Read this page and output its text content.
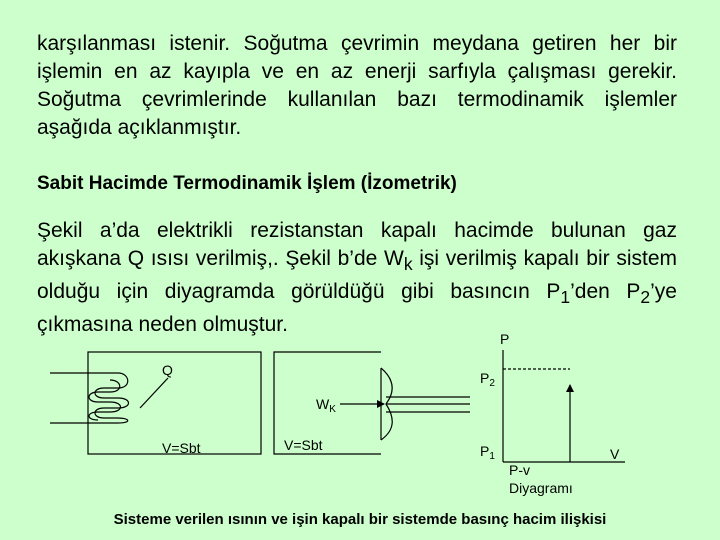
karşılanması istenir. Soğutma çevrimin meydana getiren her bir işlemin en az kayıpla ve en az enerji sarfıyla çalışması gerekir. Soğutma çevrimlerinde kullanılan bazı termodinamik işlemler aşağıda açıklanmıştır.
Sabit Hacimde Termodinamik İşlem (İzometrik)
Şekil a’da elektrikli rezistanstan kapalı hacimde bulunan gaz akışkana Q ısısı verilmiş,. Şekil b’de $W_k$ işi verilmiş kapalı bir sistem olduğu için diyagramda görüldüğü gibi basıncın $P_1’den$ $P_2’ye$ çıkmasına neden olmuştur.
Q
V=Sbt
$W_K$
V=Sbt
P
$P_2$
$P_1$	V
P-v
Diyagramı
Sisteme verilen ısının ve işin kapalı bir sistemde basınç hacim ilişkisi
